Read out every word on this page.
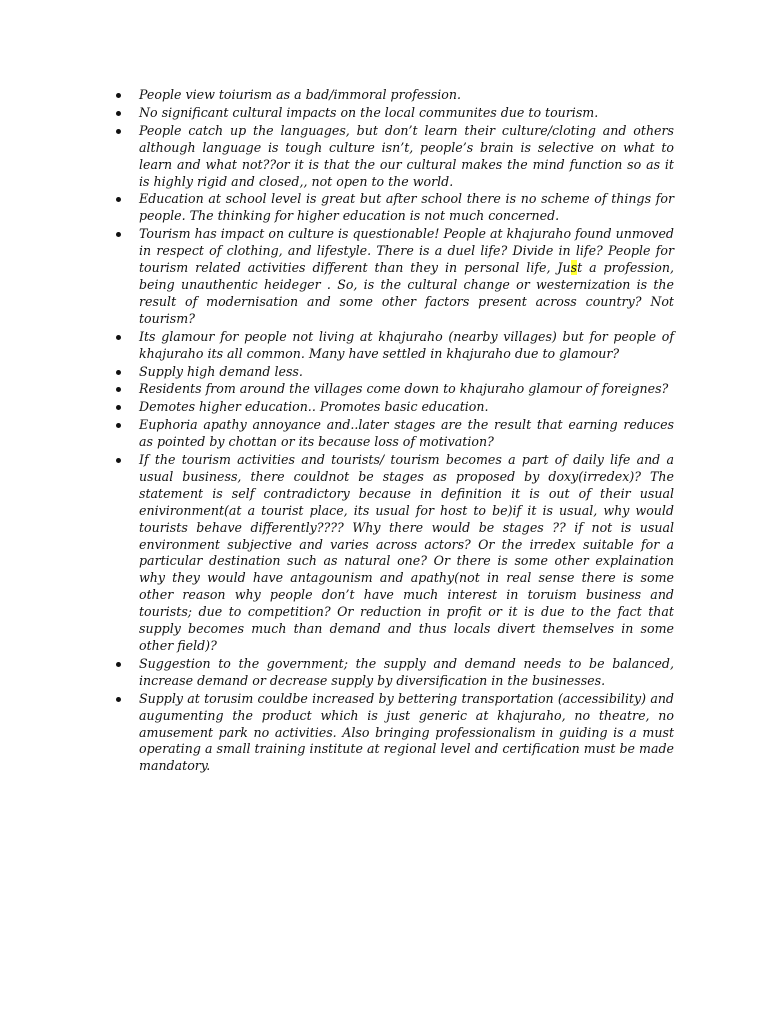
People view toiurism as a bad/immoral profession.
No significant cultural impacts on the local communites due to tourism.
People catch up the languages, but don’t learn their culture/cloting and others although language is tough culture isn’t, people’s brain is selective on what to learn and what not??or it is that the our cultural makes the mind function so as it is highly rigid and closed,, not open to the world.
Education at school level is great but after school there is no scheme of things for people. The thinking for higher education is not much concerned.
Tourism has impact on culture is questionable! People at khajuraho found unmoved in respect of clothing, and lifestyle. There is a duel life? Divide in life? People for tourism related activities different than they in personal life, Just a profession, being unauthentic heideger . So, is the cultural change or westernization is the result of modernisation and some other factors present across country? Not tourism?
Its glamour for people not living at khajuraho (nearby villages) but for people of khajuraho its all common. Many have settled in khajuraho due to glamour?
Supply high demand less.
Residents from around the villages come down to khajuraho glamour of foreignes?
Demotes higher education.. Promotes basic education.
Euphoria apathy annoyance and..later stages are the result that earning reduces as pointed by chottan or its because loss of motivation?
If the tourism activities and tourists/ tourism becomes a part of daily life and a usual business, there couldnot be stages as proposed by doxy(irredex)? The statement is self contradictory because in definition it is out of their usual enivironment(at a tourist place, its usual for host to be)if it is usual, why would tourists behave differently???? Why there would be stages ?? if not is usual environment subjective and varies across actors? Or the irredex suitable for a particular destination such as natural one? Or there is some other explaination why they would have antagounism and apathy(not in real sense there is some other reason why people don’t have much interest in toruism business and tourists; due to competition? Or reduction in profit or it is due to the fact that supply becomes much than demand and thus locals divert themselves in some other field)?
Suggestion to the government; the supply and demand needs to be balanced, increase demand or decrease supply by diversification in the businesses.
Supply at torusim couldbe increased by bettering transportation (accessibility) and augumenting the product which is just generic at khajuraho, no theatre, no amusement park no activities. Also bringing professionalism in guiding is a must operating a small training institute at regional level and certification must be made mandatory.
